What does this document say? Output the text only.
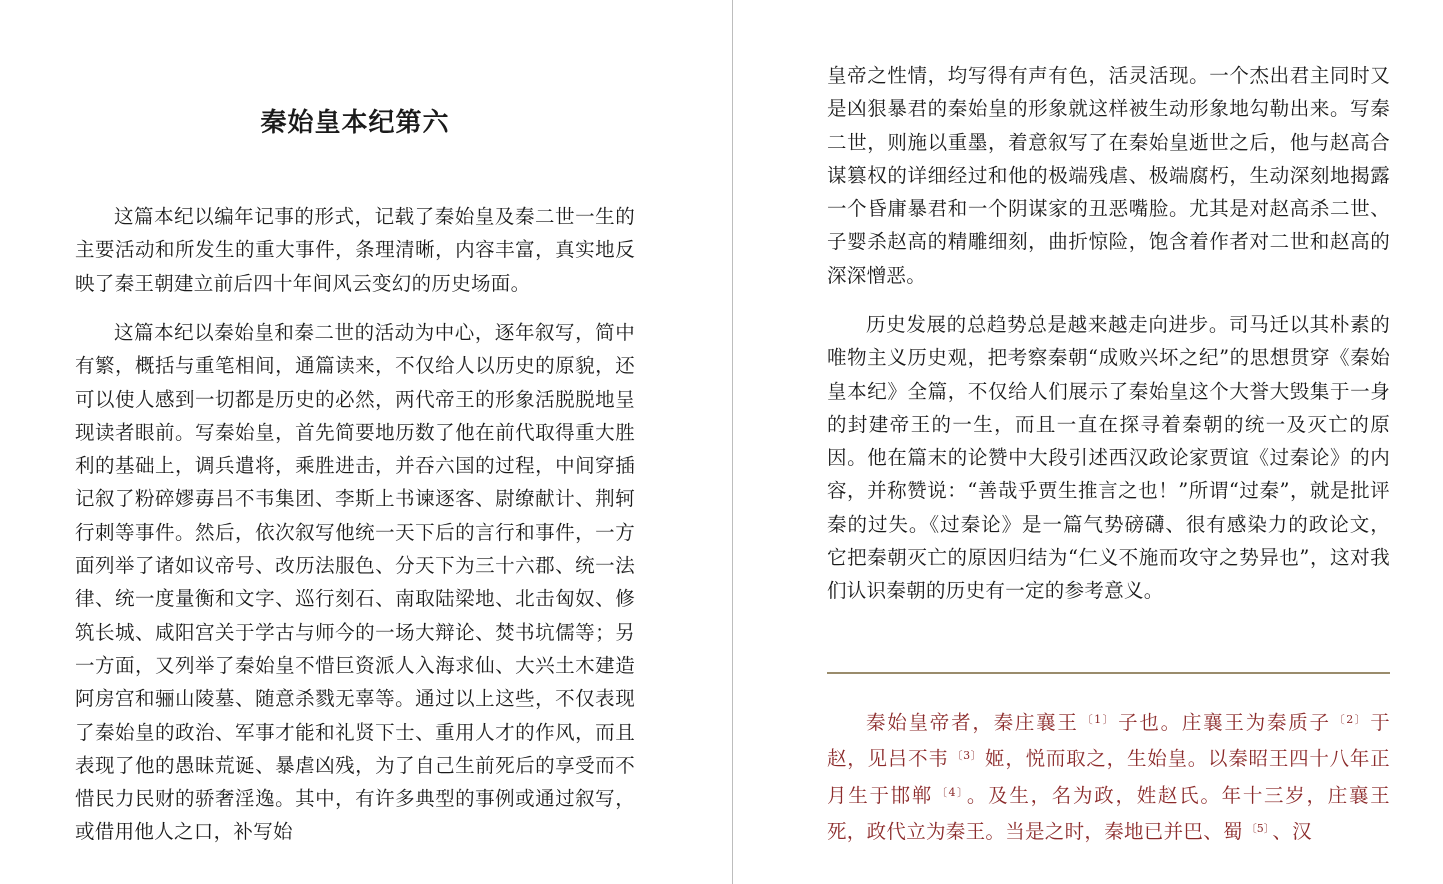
秦始皇本纪第六

这篇本纪以编年记事的形式，记载了秦始皇及秦二世一生的主要活动和所发生的重大事件，条理清晰，内容丰富，真实地反映了秦王朝建立前后四十年间风云变幻的历史场面。

这篇本纪以秦始皇和秦二世的活动为中心，逐年叙写，简中有繁，概括与重笔相间，通篇读来，不仅给人以历史的原貌，还可以使人感到一切都是历史的必然，两代帝王的形象活脱脱地呈现读者眼前。写秦始皇，首先简要地历数了他在前代取得重大胜利的基础上，调兵遣将，乘胜进击，并吞六国的过程，中间穿插记叙了粉碎嫪毐吕不韦集团、李斯上书谏逐客、尉缭献计、荆轲行刺等事件。然后，依次叙写他统一天下后的言行和事件，一方面列举了诸如议帝号、改历法服色、分天下为三十六郡、统一法律、统一度量衡和文字、巡行刻石、南取陆梁地、北击匈奴、修筑长城、咸阳宫关于学古与师今的一场大辩论、焚书坑儒等；另一方面，又列举了秦始皇不惜巨资派人入海求仙、大兴土木建造阿房宫和骊山陵墓、随意杀戮无辜等。通过以上这些，不仅表现了秦始皇的政治、军事才能和礼贤下士、重用人才的作风，而且表现了他的愚昧荒诞、暴虐凶残，为了自己生前死后的享受而不惜民力民财的骄奢淫逸。其中，有许多典型的事例或通过叙写，或借用他人之口，补写始

皇帝之性情，均写得有声有色，活灵活现。一个杰出君主同时又是凶狠暴君的秦始皇的形象就这样被生动形象地勾勒出来。写秦二世，则施以重墨，着意叙写了在秦始皇逝世之后，他与赵高合谋篡权的详细经过和他的极端残虐、极端腐朽，生动深刻地揭露一个昏庸暴君和一个阴谋家的丑恶嘴脸。尤其是对赵高杀二世、子婴杀赵高的精雕细刻，曲折惊险，饱含着作者对二世和赵高的深深憎恶。

历史发展的总趋势总是越来越走向进步。司马迁以其朴素的唯物主义历史观，把考察秦朝“成败兴坏之纪”的思想贯穿《秦始皇本纪》全篇，不仅给人们展示了秦始皇这个大誉大毁集于一身的封建帝王的一生，而且一直在探寻着秦朝的统一及灭亡的原因。他在篇末的论赞中大段引述西汉政论家贾谊《过秦论》的内容，并称赞说：“善哉乎贾生推言之也！”所谓“过秦”，就是批评秦的过失。《过秦论》是一篇气势磅礴、很有感染力的政论文，它把秦朝灭亡的原因归结为“仁义不施而攻守之势异也”，这对我们认识秦朝的历史有一定的参考意义。

秦始皇帝者，秦庄襄王 $^{〔1〕}$ 子也。庄襄王为秦质子 $^{〔2〕}$ 于赵，见吕不韦 $^{〔3〕}$ 姬，悦而取之，生始皇。以秦昭王四十八年正月生于邯郸 $^{〔4〕}$ 。及生，名为政，姓赵氏。年十三岁，庄襄王死，政代立为秦王。当是之时，秦地已并巴、蜀 $^{〔5〕}$ 、汉
